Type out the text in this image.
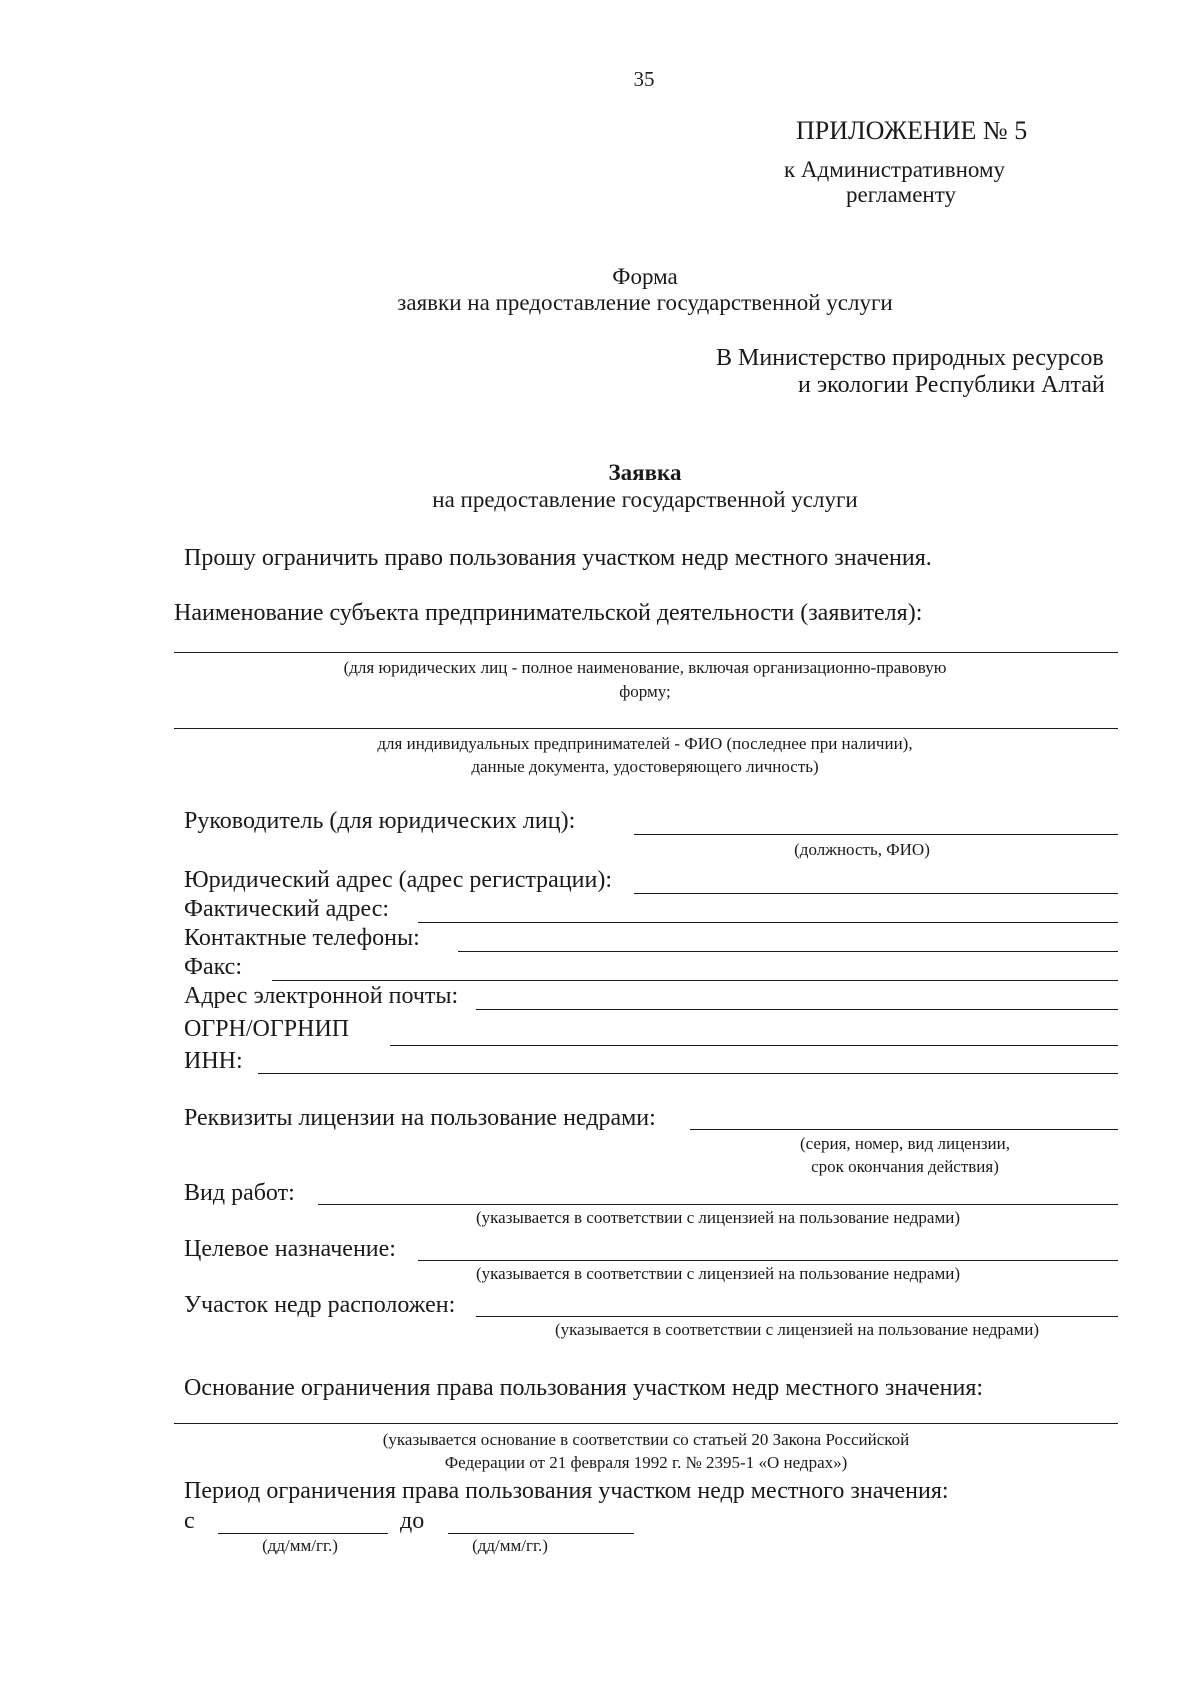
35
ПРИЛОЖЕНИЕ № 5
к Административному
регламенту
Форма
заявки на предоставление государственной услуги
В Министерство природных ресурсов
и экологии Республики Алтай
Заявка
на предоставление государственной услуги
Прошу ограничить право пользования участком недр местного значения.
Наименование субъекта предпринимательской деятельности (заявителя):
(для юридических лиц - полное наименование, включая организационно-правовую
форму;
для индивидуальных предпринимателей - ФИО (последнее при наличии),
данные документа, удостоверяющего личность)
Руководитель (для юридических лиц):
(должность, ФИО)
Юридический адрес (адрес регистрации):
Фактический адрес:
Контактные телефоны:
Факс:
Адрес электронной почты:
ОГРН/ОГРНИП
ИНН:
Реквизиты лицензии на пользование недрами:
(серия, номер, вид лицензии,
срок окончания действия)
Вид работ:
(указывается в соответствии с лицензией на пользование недрами)
Целевое назначение:
(указывается в соответствии с лицензией на пользование недрами)
Участок недр расположен:
(указывается в соответствии с лицензией на пользование недрами)
Основание ограничения права пользования участком недр местного значения:
(указывается основание в соответствии со статьей 20 Закона Российской
Федерации от 21 февраля 1992 г. № 2395-1 «О недрах»)
Период ограничения права пользования участком недр местного значения:
с
(дд/мм/гг.)
до
(дд/мм/гг.)
